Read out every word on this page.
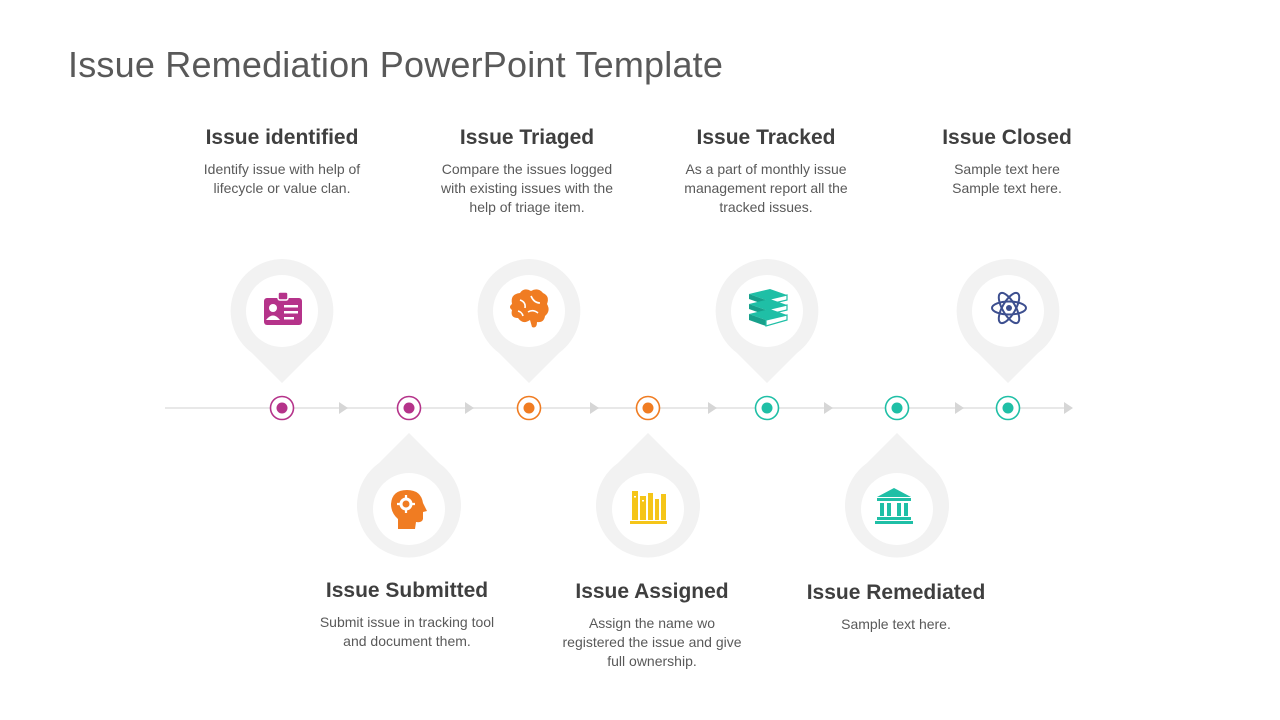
Issue Remediation PowerPoint Template
Issue identified
Identify issue with help of
lifecycle or value clan.
Issue Triaged
Compare the issues logged
with existing issues with the
help of triage item.
Issue Tracked
As a part of monthly issue
management report all the
tracked issues.
Issue Closed
Sample text here
Sample text here.
Issue Submitted
Submit issue in tracking tool
and document them.
Issue Assigned
Assign the name wo
registered the issue and give
full ownership.
Issue Remediated
Sample text here.
